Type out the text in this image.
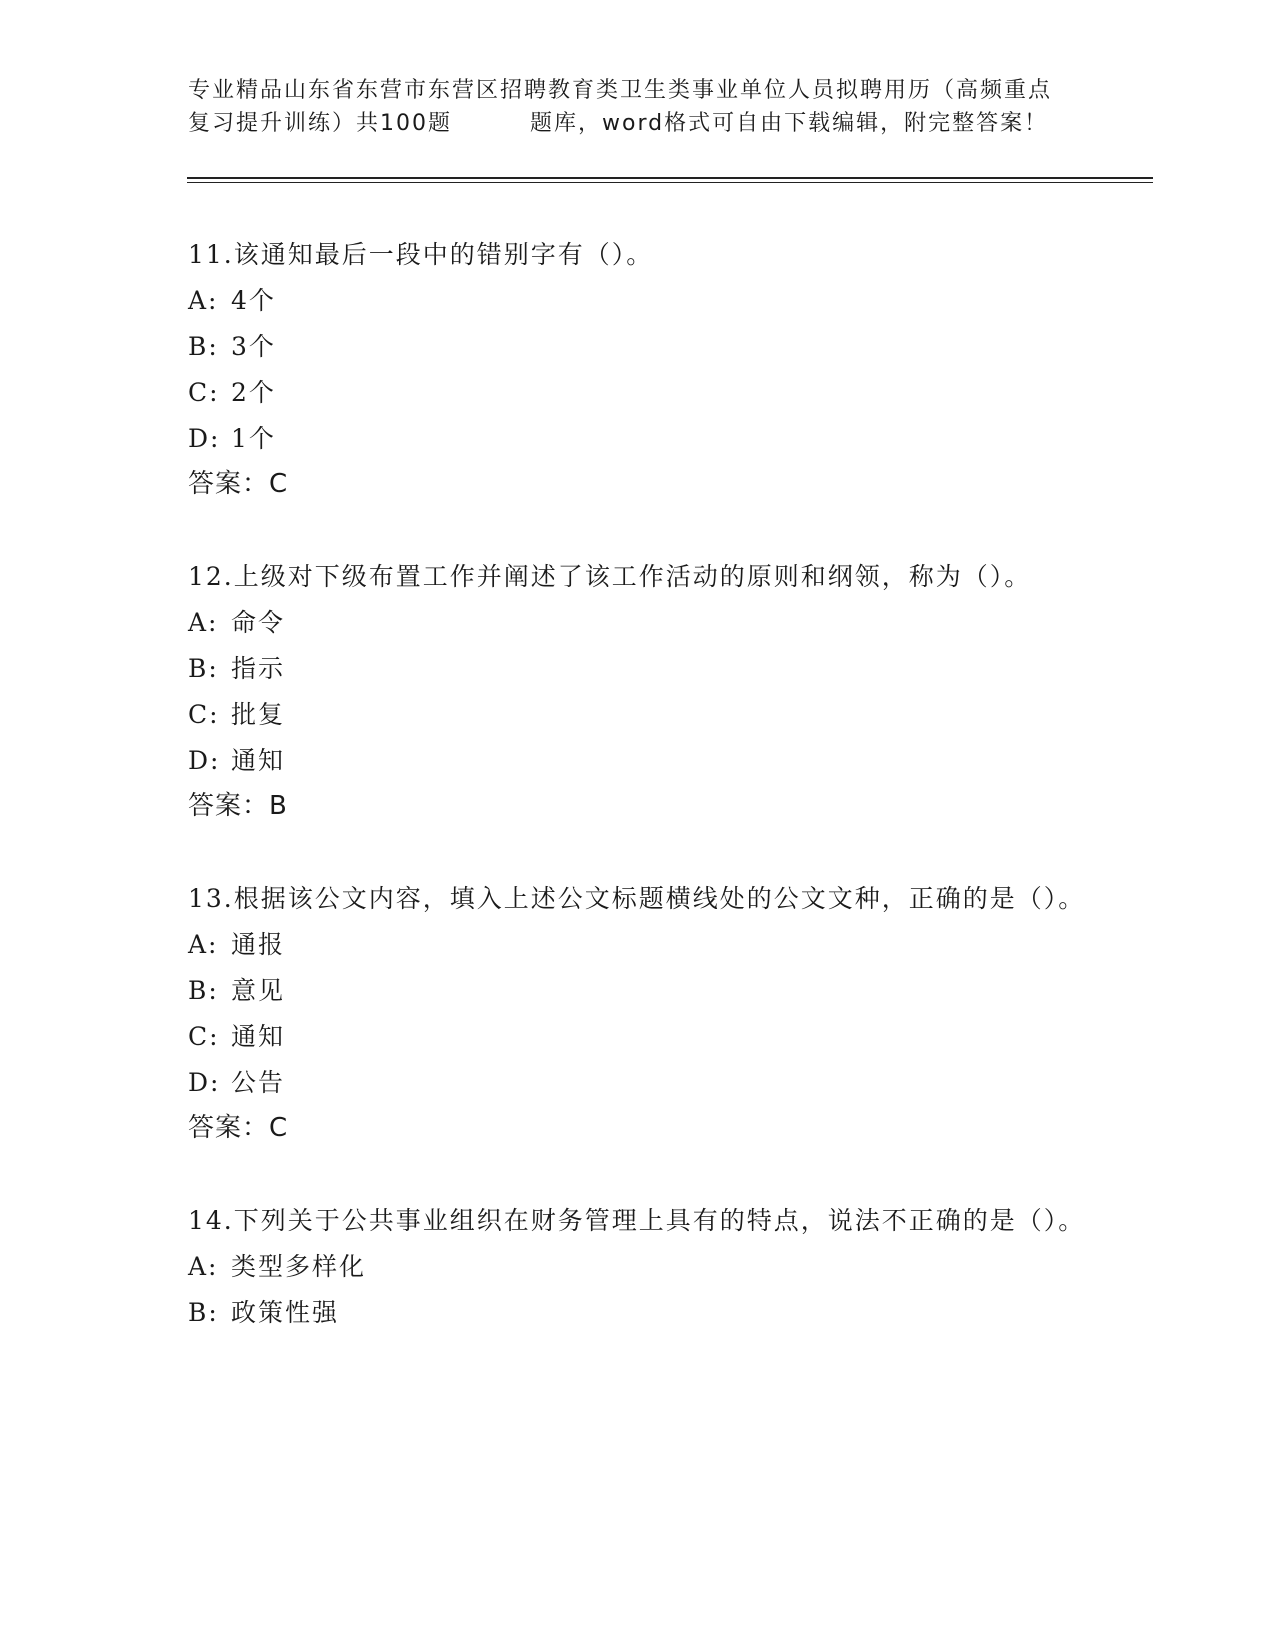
专业精品山东省东营市东营区招聘教育类卫生类事业单位人员拟聘用历（高频重点
复习提升训练）共100题	题库，word格式可自由下载编辑，附完整答案！

11.该通知最后一段中的错别字有（）。

A: 4个
B: 3个
C: 2个
D: 1个
答案：C

12.上级对下级布置工作并阐述了该工作活动的原则和纲领，称为（）。

A: 命令
B: 指示
C: 批复
D: 通知
答案：B

13.根据该公文内容，填入上述公文标题横线处的公文文种，正确的是（）。

A: 通报
B: 意见
C: 通知
D: 公告
答案：C

14.下列关于公共事业组织在财务管理上具有的特点，说法不正确的是（）。

A: 类型多样化
B: 政策性强
